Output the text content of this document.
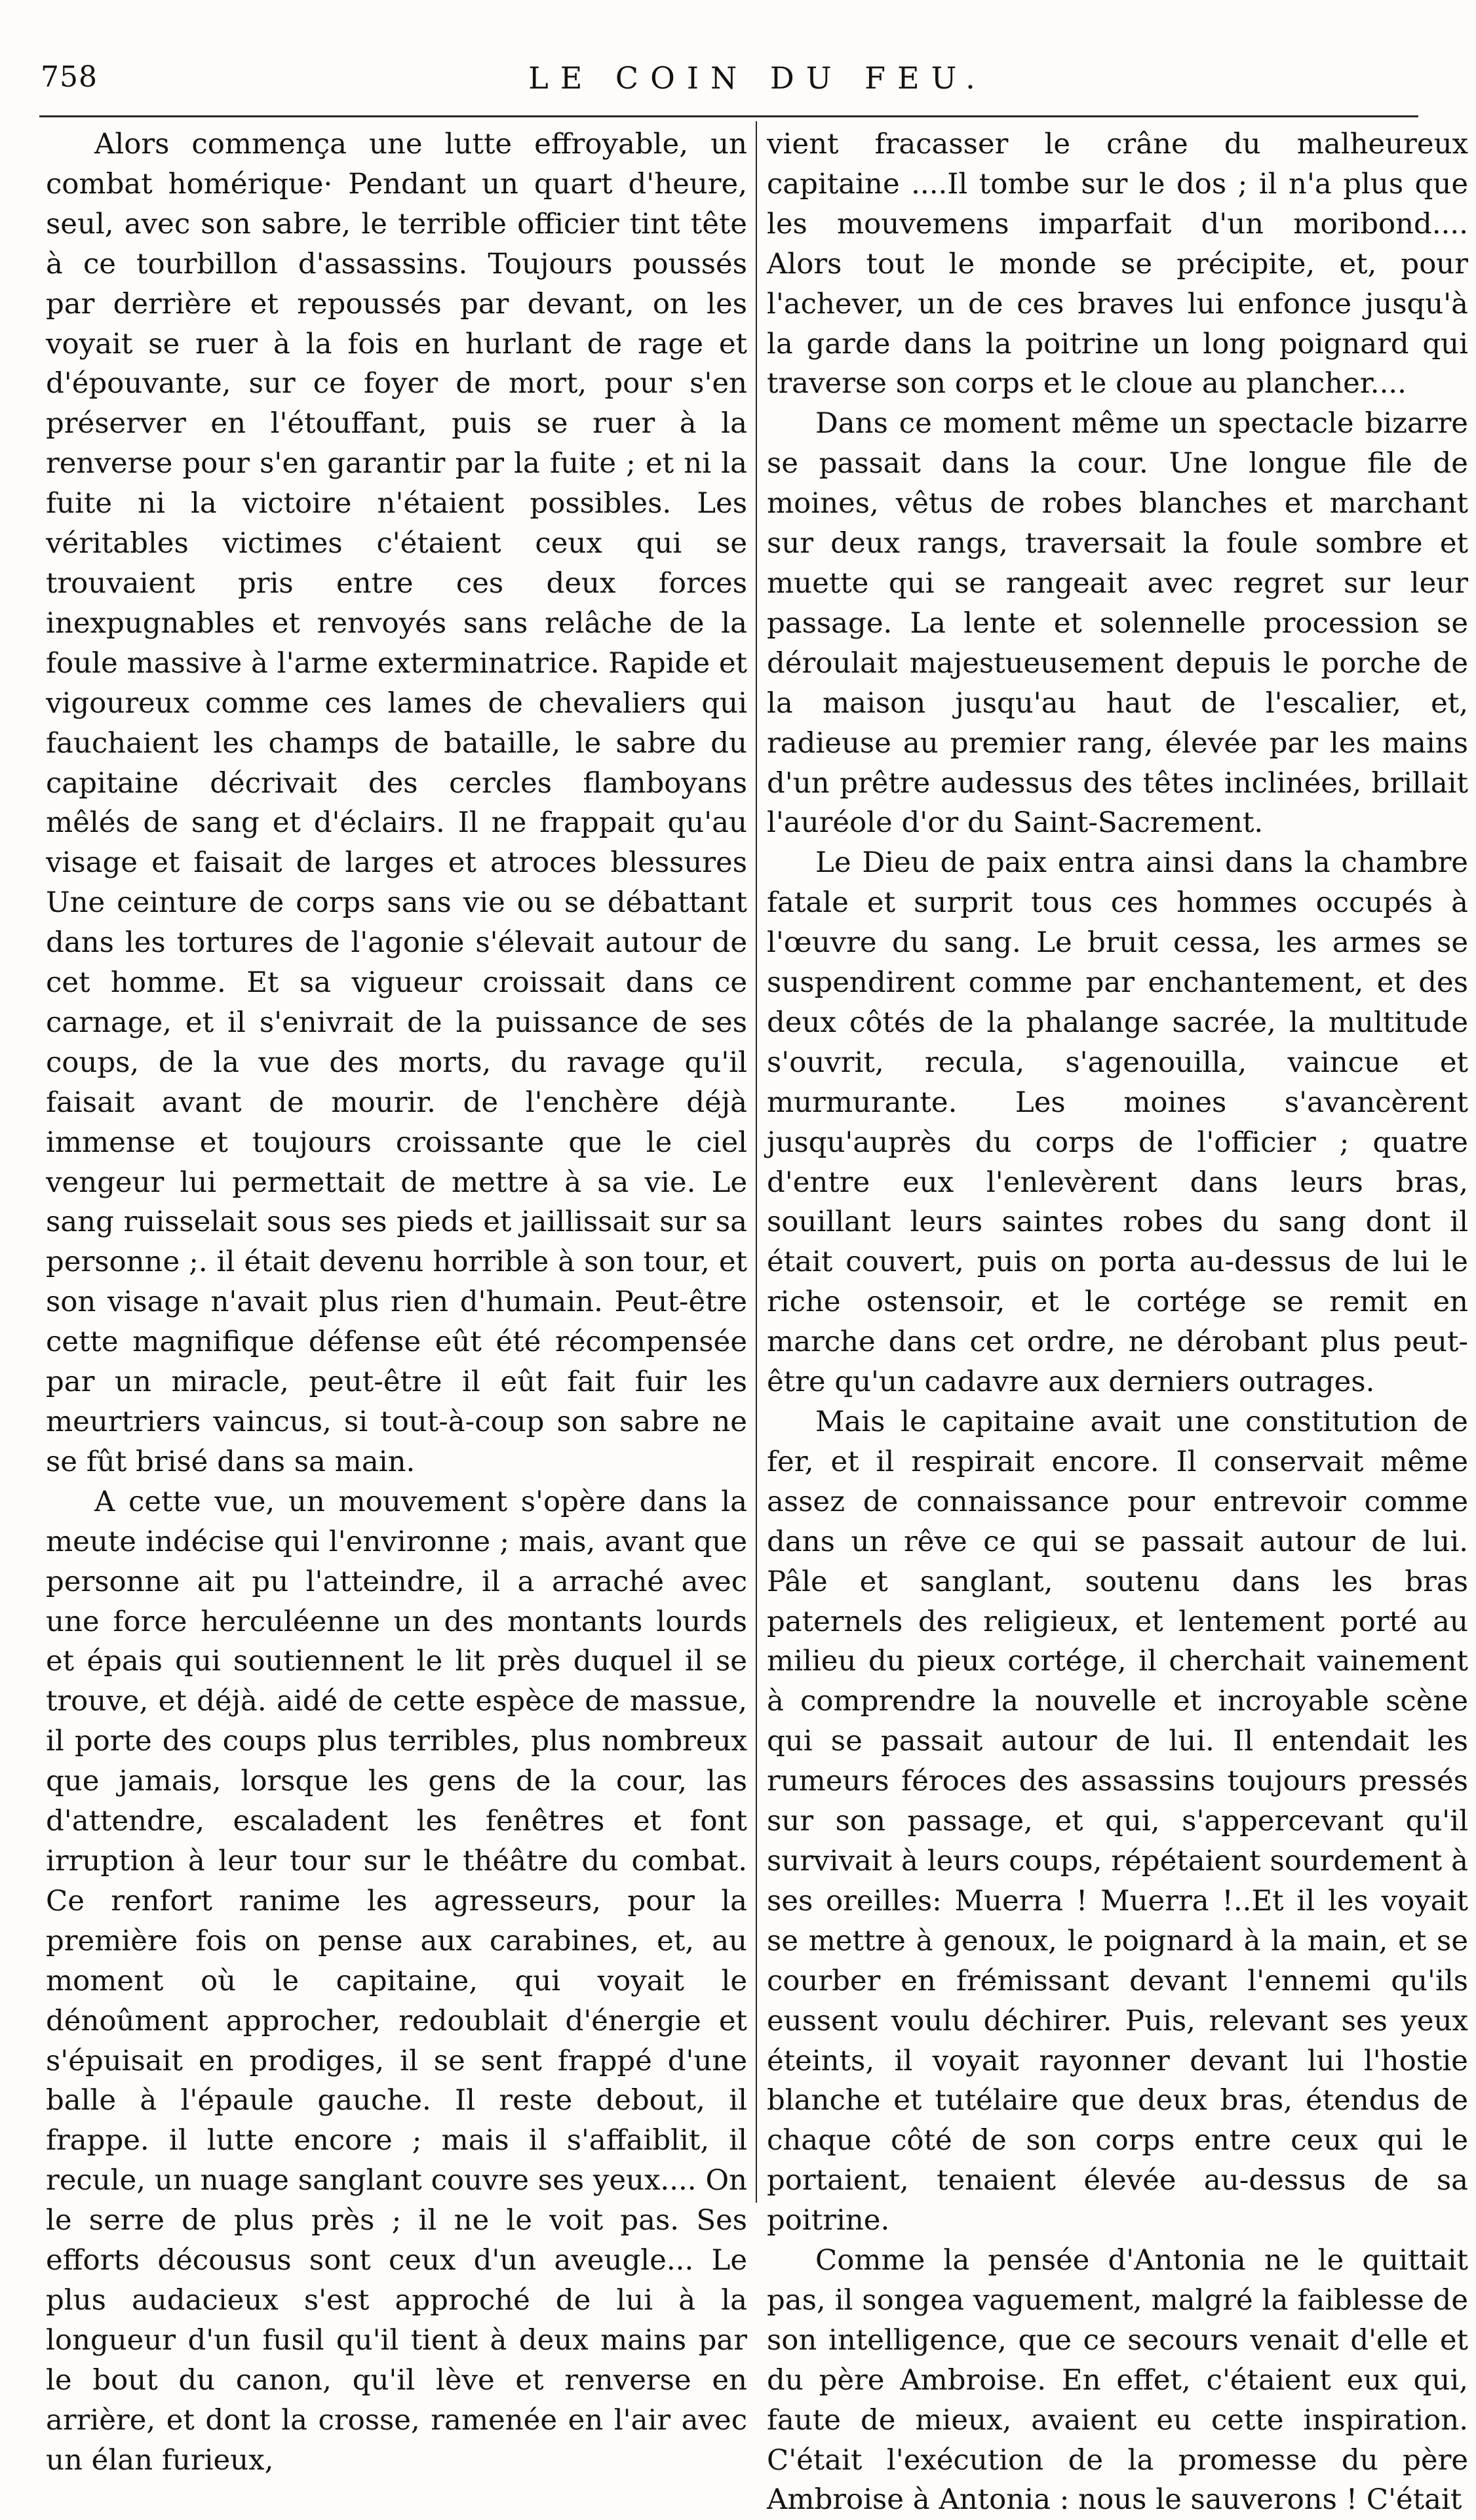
758	LE COIN DU FEU.

Alors commença une lutte effroyable, un combat homérique· Pendant un quart d'heure, seul, avec son sabre, le terrible officier tint tête à ce tourbillon d'assassins. Toujours poussés par derrière et repoussés par devant, on les voyait se ruer à la fois en hurlant de rage et d'épouvante, sur ce foyer de mort, pour s'en préserver en l'étouffant, puis se ruer à la renverse pour s'en garantir par la fuite ; et ni la fuite ni la victoire n'étaient possibles. Les véritables victimes c'étaient ceux qui se trouvaient pris entre ces deux forces inexpugnables et renvoyés sans relâche de la foule massive à l'arme exterminatrice. Rapide et vigoureux comme ces lames de chevaliers qui fauchaient les champs de bataille, le sabre du capitaine décrivait des cercles flamboyans mêlés de sang et d'éclairs. Il ne frappait qu'au visage et faisait de larges et atroces blessures Une ceinture de corps sans vie ou se débattant dans les tortures de l'agonie s'élevait autour de cet homme. Et sa vigueur croissait dans ce carnage, et il s'enivrait de la puissance de ses coups, de la vue des morts, du ravage qu'il faisait avant de mourir. de l'enchère déjà immense et toujours croissante que le ciel vengeur lui permettait de mettre à sa vie. Le sang ruisselait sous ses pieds et jaillissait sur sa personne ;. il était devenu horrible à son tour, et son visage n'avait plus rien d'humain. Peut-être cette magnifique défense eût été récompensée par un miracle, peut-être il eût fait fuir les meurtriers vaincus, si tout-à-coup son sabre ne se fût brisé dans sa main.

A cette vue, un mouvement s'opère dans la meute indécise qui l'environne ; mais, avant que personne ait pu l'atteindre, il a arraché avec une force herculéenne un des montants lourds et épais qui soutiennent le lit près duquel il se trouve, et déjà. aidé de cette espèce de massue, il porte des coups plus terribles, plus nombreux que jamais, lorsque les gens de la cour, las d'attendre, escaladent les fenêtres et font irruption à leur tour sur le théâtre du combat. Ce renfort ranime les agresseurs, pour la première fois on pense aux carabines, et, au moment où le capitaine, qui voyait le dénoûment approcher, redoublait d'énergie et s'épuisait en prodiges, il se sent frappé d'une balle à l'épaule gauche. Il reste debout, il frappe. il lutte encore ; mais il s'affaiblit, il recule, un nuage sanglant couvre ses yeux.... On le serre de plus près ; il ne le voit pas. Ses efforts décousus sont ceux d'un aveugle... Le plus audacieux s'est approché de lui à la longueur d'un fusil qu'il tient à deux mains par le bout du canon, qu'il lève et renverse en arrière, et dont la crosse, ramenée en l'air avec un élan furieux,

vient fracasser le crâne du malheureux capitaine ....Il tombe sur le dos ; il n'a plus que les mouvemens imparfait d'un moribond.... Alors tout le monde se précipite, et, pour l'achever, un de ces braves lui enfonce jusqu'à la garde dans la poitrine un long poignard qui traverse son corps et le cloue au plancher....

Dans ce moment même un spectacle bizarre se passait dans la cour. Une longue file de moines, vêtus de robes blanches et marchant sur deux rangs, traversait la foule sombre et muette qui se rangeait avec regret sur leur passage. La lente et solennelle procession se déroulait majestueusement depuis le porche de la maison jusqu'au haut de l'escalier, et, radieuse au premier rang, élevée par les mains d'un prêtre audessus des têtes inclinées, brillait l'auréole d'or du Saint-Sacrement.

Le Dieu de paix entra ainsi dans la chambre fatale et surprit tous ces hommes occupés à l'œuvre du sang. Le bruit cessa, les armes se suspendirent comme par enchantement, et des deux côtés de la phalange sacrée, la multitude s'ouvrit, recula, s'agenouilla, vaincue et murmurante. Les moines s'avancèrent jusqu'auprès du corps de l'officier ; quatre d'entre eux l'enlevèrent dans leurs bras, souillant leurs saintes robes du sang dont il était couvert, puis on porta au-dessus de lui le riche ostensoir, et le cortége se remit en marche dans cet ordre, ne dérobant plus peut-être qu'un cadavre aux derniers outrages.

Mais le capitaine avait une constitution de fer, et il respirait encore. Il conservait même assez de connaissance pour entrevoir comme dans un rêve ce qui se passait autour de lui. Pâle et sanglant, soutenu dans les bras paternels des religieux, et lentement porté au milieu du pieux cortége, il cherchait vainement à comprendre la nouvelle et incroyable scène qui se passait autour de lui. Il entendait les rumeurs féroces des assassins toujours pressés sur son passage, et qui, s'appercevant qu'il survivait à leurs coups, répétaient sourdement à ses oreilles: Muerra ! Muerra !..Et il les voyait se mettre à genoux, le poignard à la main, et se courber en frémissant devant l'ennemi qu'ils eussent voulu déchirer. Puis, relevant ses yeux éteints, il voyait rayonner devant lui l'hostie blanche et tutélaire que deux bras, étendus de chaque côté de son corps entre ceux qui le portaient, tenaient élevée au-dessus de sa poitrine.

Comme la pensée d'Antonia ne le quittait pas, il songea vaguement, malgré la faiblesse de son intelligence, que ce secours venait d'elle et du père Ambroise. En effet, c'étaient eux qui, faute de mieux, avaient eu cette inspiration. C'était l'exécution de la promesse du père Ambroise à Antonia : nous le sauverons ! C'était
